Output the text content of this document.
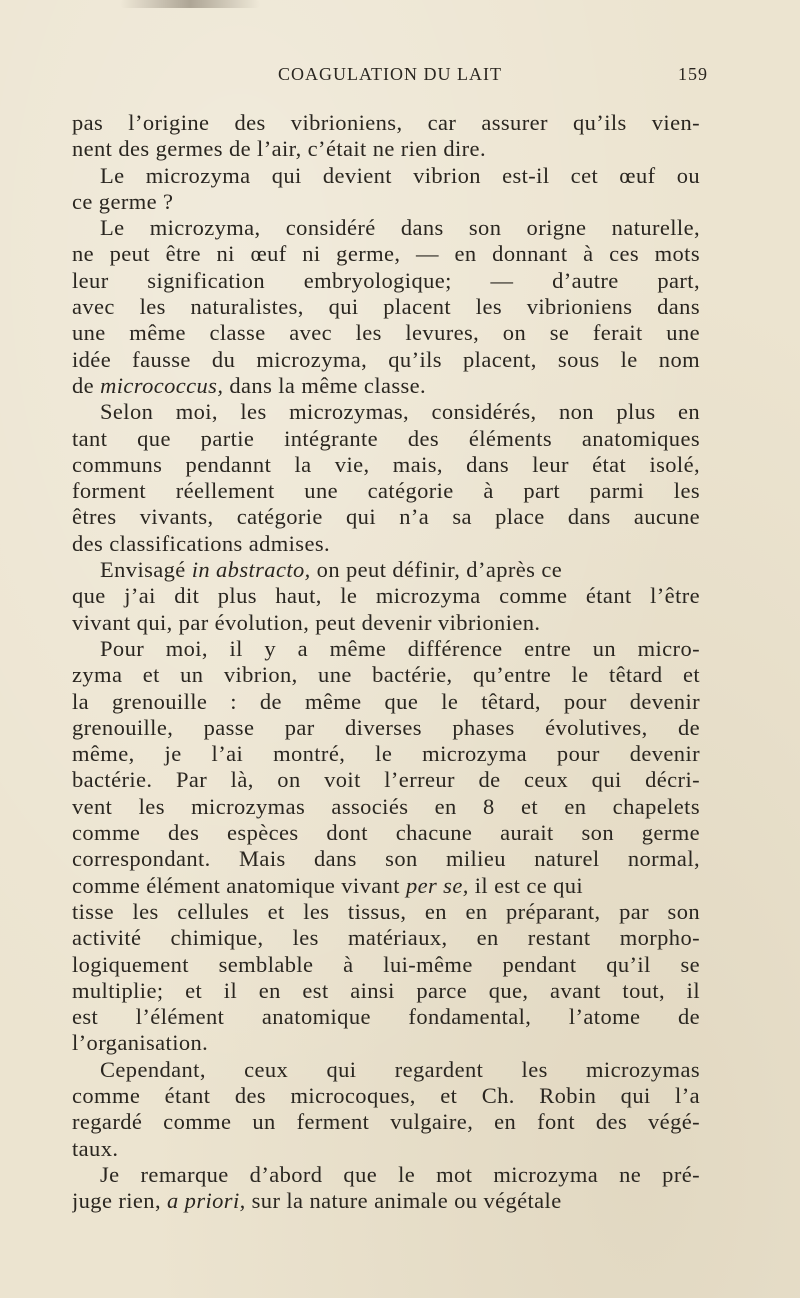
COAGULATION DU LAIT	159
pas l’origine des vibrioniens, car assurer qu’ils vien-
nent des germes de l’air, c’était ne rien dire.
Le microzyma qui devient vibrion est-il cet œuf ou
ce germe ?
Le microzyma, considéré dans son origne naturelle,
ne peut être ni œuf ni germe, — en donnant à ces mots
leur signification embryologique; — d’autre part,
avec les naturalistes, qui placent les vibrioniens dans
une même classe avec les levures, on se ferait une
idée fausse du microzyma, qu’ils placent, sous le nom
de micrococcus, dans la même classe.
Selon moi, les microzymas, considérés, non plus en
tant que partie intégrante des éléments anatomiques
communs pendannt la vie, mais, dans leur état isolé,
forment réellement une catégorie à part parmi les
êtres vivants, catégorie qui n’a sa place dans aucune
des classifications admises.
Envisagé in abstracto, on peut définir, d’après ce
que j’ai dit plus haut, le microzyma comme étant l’être
vivant qui, par évolution, peut devenir vibrionien.
Pour moi, il y a même différence entre un micro-
zyma et un vibrion, une bactérie, qu’entre le têtard et
la grenouille : de même que le têtard, pour devenir
grenouille, passe par diverses phases évolutives, de
même, je l’ai montré, le microzyma pour devenir
bactérie. Par là, on voit l’erreur de ceux qui décri-
vent les microzymas associés en 8 et en chapelets
comme des espèces dont chacune aurait son germe
correspondant. Mais dans son milieu naturel normal,
comme élément anatomique vivant per se, il est ce qui
tisse les cellules et les tissus, en en préparant, par son
activité chimique, les matériaux, en restant morpho-
logiquement semblable à lui-même pendant qu’il se
multiplie; et il en est ainsi parce que, avant tout, il
est l’élément anatomique fondamental, l’atome de
l’organisation.
Cependant, ceux qui regardent les microzymas
comme étant des microcoques, et Ch. Robin qui l’a
regardé comme un ferment vulgaire, en font des végé-
taux.
Je remarque d’abord que le mot microzyma ne pré-
juge rien, a priori, sur la nature animale ou végétale
